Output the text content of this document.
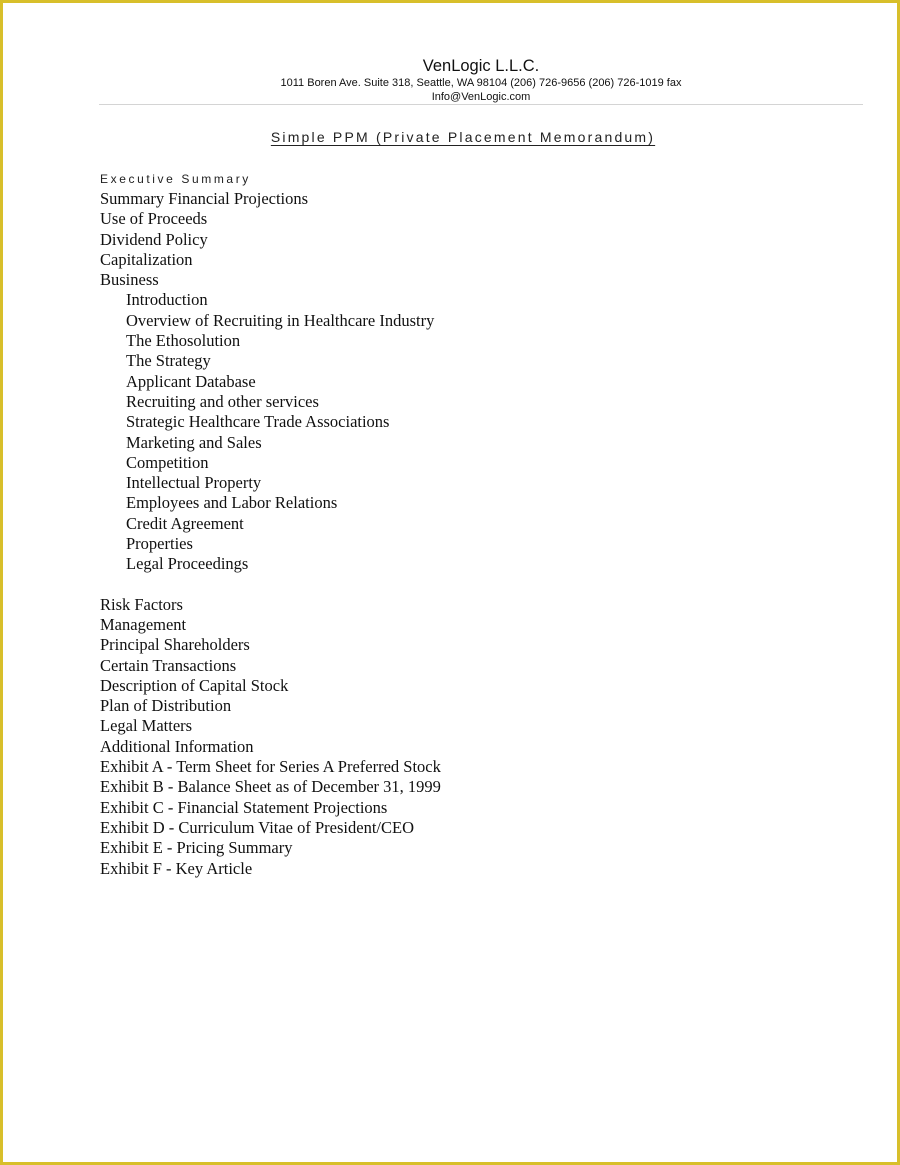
VenLogic L.L.C.
1011 Boren Ave. Suite 318, Seattle, WA 98104 (206) 726-9656 (206) 726-1019 fax
Info@VenLogic.com
Simple PPM (Private Placement Memorandum)
Executive Summary
Summary Financial Projections
Use of Proceeds
Dividend Policy
Capitalization
Business
Introduction
Overview of Recruiting in Healthcare Industry
The Ethosolution
The Strategy
Applicant Database
Recruiting and other services
Strategic Healthcare Trade Associations
Marketing and Sales
Competition
Intellectual Property
Employees and Labor Relations
Credit Agreement
Properties
Legal Proceedings
Risk Factors
Management
Principal Shareholders
Certain Transactions
Description of Capital Stock
Plan of Distribution
Legal Matters
Additional Information
Exhibit A - Term Sheet for Series A Preferred Stock
Exhibit B - Balance Sheet as of December 31, 1999
Exhibit C - Financial Statement Projections
Exhibit D - Curriculum Vitae of President/CEO
Exhibit E - Pricing Summary
Exhibit F - Key Article
